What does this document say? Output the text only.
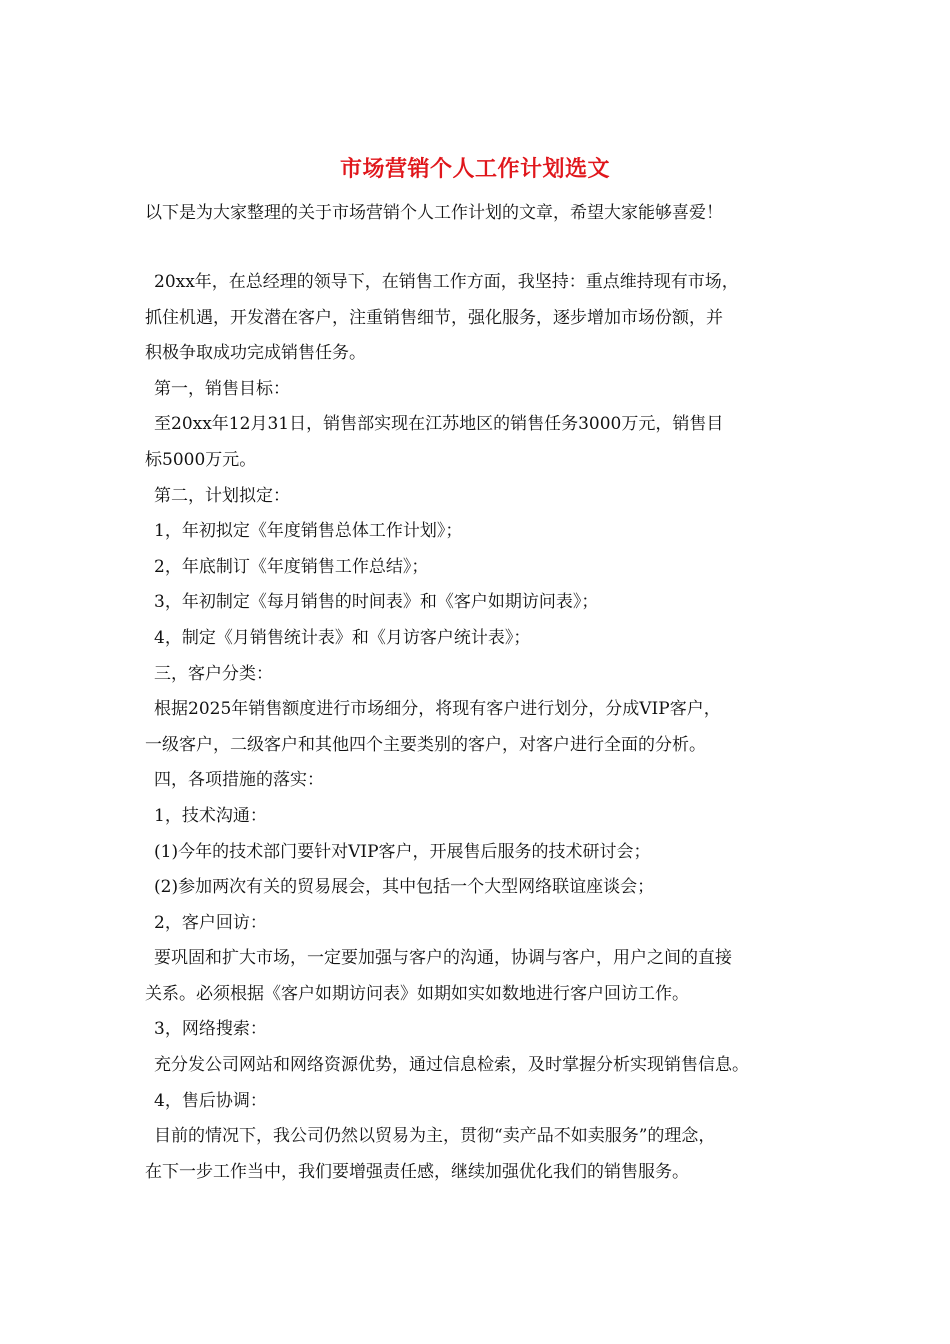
市场营销个人工作计划选文

以下是为大家整理的关于市场营销个人工作计划的文章，希望大家能够喜爱！

20xx年，在总经理的领导下，在销售工作方面，我坚持：重点维持现有市场，

抓住机遇，开发潜在客户，注重销售细节，强化服务，逐步增加市场份额，并

积极争取成功完成销售任务。

第一，销售目标：

至20xx年12月31日，销售部实现在江苏地区的销售任务3000万元，销售目

标5000万元。

第二，计划拟定：

1，年初拟定《年度销售总体工作计划》；

2，年底制订《年度销售工作总结》；

3，年初制定《每月销售的时间表》和《客户如期访问表》；

4，制定《月销售统计表》和《月访客户统计表》；

三，客户分类：

根据2025年销售额度进行市场细分，将现有客户进行划分，分成VIP客户，

一级客户，二级客户和其他四个主要类别的客户，对客户进行全面的分析。

四，各项措施的落实：

1，技术沟通：

(1)今年的技术部门要针对VIP客户，开展售后服务的技术研讨会；

(2)参加两次有关的贸易展会，其中包括一个大型网络联谊座谈会；

2，客户回访：

要巩固和扩大市场，一定要加强与客户的沟通，协调与客户，用户之间的直接

关系。必须根据《客户如期访问表》如期如实如数地进行客户回访工作。

3，网络搜索：

充分发公司网站和网络资源优势，通过信息检索，及时掌握分析实现销售信息。

4，售后协调：

目前的情况下，我公司仍然以贸易为主，贯彻“卖产品不如卖服务”的理念，

在下一步工作当中，我们要增强责任感，继续加强优化我们的销售服务。
